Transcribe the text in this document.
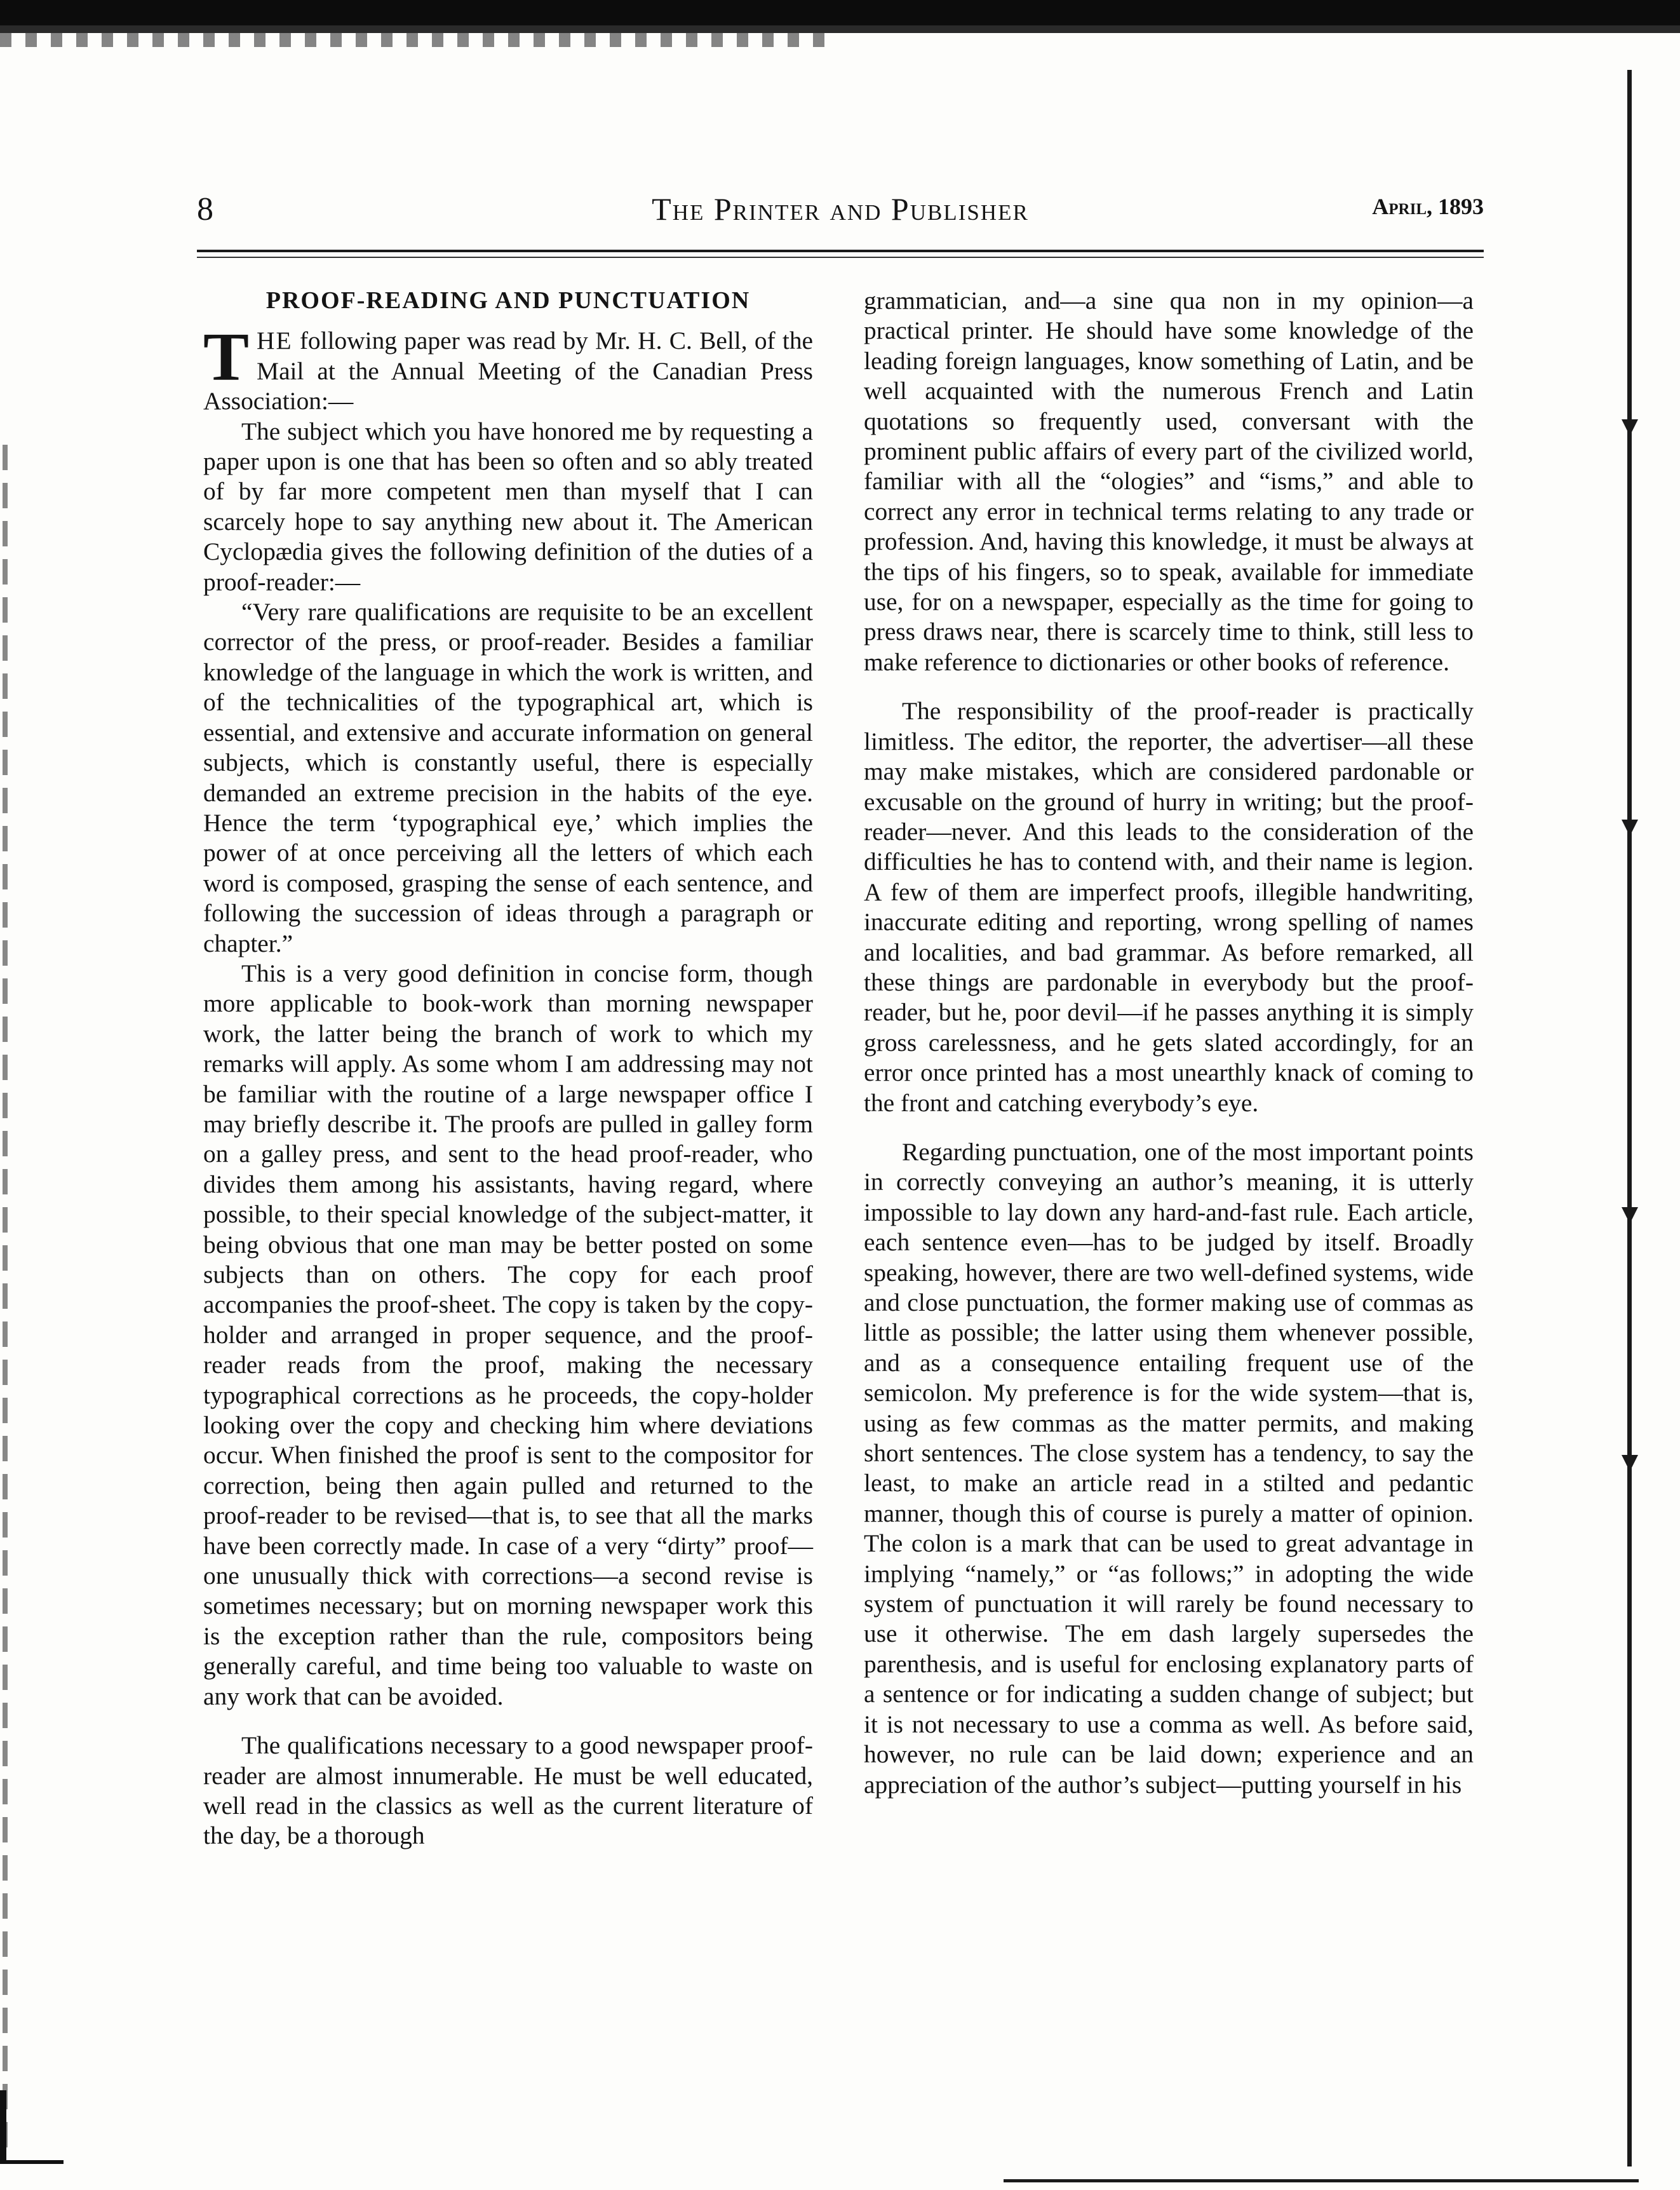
8	The Printer and Publisher	April, 1893
PROOF-READING AND PUNCTUATION

THE following paper was read by Mr. H. C. Bell, of the Mail at the Annual Meeting of the Canadian Press Association:—

The subject which you have honored me by requesting a paper upon is one that has been so often and so ably treated of by far more competent men than myself that I can scarcely hope to say anything new about it. The American Cyclopædia gives the following definition of the duties of a proof-reader:—

“Very rare qualifications are requisite to be an excellent corrector of the press, or proof-reader. Besides a familiar knowledge of the language in which the work is written, and of the technicalities of the typographical art, which is essential, and extensive and accurate information on general subjects, which is constantly useful, there is especially demanded an extreme precision in the habits of the eye. Hence the term ‘typographical eye,’ which implies the power of at once perceiving all the letters of which each word is composed, grasping the sense of each sentence, and following the succession of ideas through a paragraph or chapter.”

This is a very good definition in concise form, though more applicable to book-work than morning newspaper work, the latter being the branch of work to which my remarks will apply. As some whom I am addressing may not be familiar with the routine of a large newspaper office I may briefly describe it. The proofs are pulled in galley form on a galley press, and sent to the head proof-reader, who divides them among his assistants, having regard, where possible, to their special knowledge of the subject-matter, it being obvious that one man may be better posted on some subjects than on others. The copy for each proof accompanies the proof-sheet. The copy is taken by the copy-holder and arranged in proper sequence, and the proof-reader reads from the proof, making the necessary typographical corrections as he proceeds, the copy-holder looking over the copy and checking him where deviations occur. When finished the proof is sent to the compositor for correction, being then again pulled and returned to the proof-reader to be revised—that is, to see that all the marks have been correctly made. In case of a very “dirty” proof—one unusually thick with corrections—a second revise is sometimes necessary; but on morning newspaper work this is the exception rather than the rule, compositors being generally careful, and time being too valuable to waste on any work that can be avoided.

The qualifications necessary to a good newspaper proof-reader are almost innumerable. He must be well educated, well read in the classics as well as the current literature of the day, be a thorough

grammatician, and—a sine qua non in my opinion—a practical printer. He should have some knowledge of the leading foreign languages, know something of Latin, and be well acquainted with the numerous French and Latin quotations so frequently used, conversant with the prominent public affairs of every part of the civilized world, familiar with all the “ologies” and “isms,” and able to correct any error in technical terms relating to any trade or profession. And, having this knowledge, it must be always at the tips of his fingers, so to speak, available for immediate use, for on a newspaper, especially as the time for going to press draws near, there is scarcely time to think, still less to make reference to dictionaries or other books of reference.

The responsibility of the proof-reader is practically limitless. The editor, the reporter, the advertiser—all these may make mistakes, which are considered pardonable or excusable on the ground of hurry in writing; but the proof-reader—never. And this leads to the consideration of the difficulties he has to contend with, and their name is legion. A few of them are imperfect proofs, illegible handwriting, inaccurate editing and reporting, wrong spelling of names and localities, and bad grammar. As before remarked, all these things are pardonable in everybody but the proof-reader, but he, poor devil—if he passes anything it is simply gross carelessness, and he gets slated accordingly, for an error once printed has a most unearthly knack of coming to the front and catching everybody’s eye.

Regarding punctuation, one of the most important points in correctly conveying an author’s meaning, it is utterly impossible to lay down any hard-and-fast rule. Each article, each sentence even—has to be judged by itself. Broadly speaking, however, there are two well-defined systems, wide and close punctuation, the former making use of commas as little as possible; the latter using them whenever possible, and as a consequence entailing frequent use of the semicolon. My preference is for the wide system—that is, using as few commas as the matter permits, and making short sentences. The close system has a tendency, to say the least, to make an article read in a stilted and pedantic manner, though this of course is purely a matter of opinion. The colon is a mark that can be used to great advantage in implying “namely,” or “as follows;” in adopting the wide system of punctuation it will rarely be found necessary to use it otherwise. The em dash largely supersedes the parenthesis, and is useful for enclosing explanatory parts of a sentence or for indicating a sudden change of subject; but it is not necessary to use a comma as well. As before said, however, no rule can be laid down; experience and an appreciation of the author’s subject—putting yourself in his
